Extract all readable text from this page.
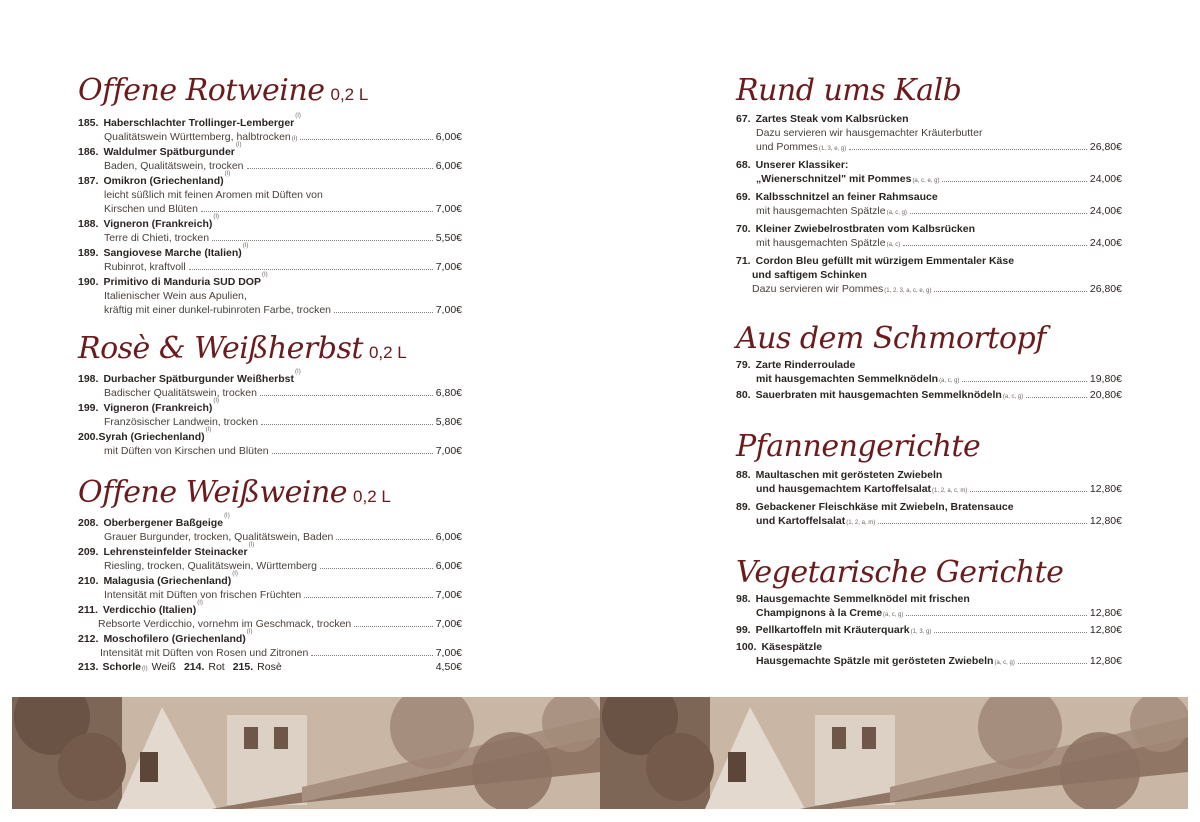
Offene Rotweine 0,2 L
185. Haberschlachter Trollinger-Lemberger
(I)
Qualitätswein Württemberg, halbtrocken (I)	6,00€
186. Waldulmer Spätburgunder
(I)
Baden, Qualitätswein, trocken	6,00€
187. Omikron (Griechenland)
(I)
leicht süßlich mit feinen Aromen mit Düften von
Kirschen und Blüten	7,00€
188. Vigneron (Frankreich)
(I)
Terre di Chieti, trocken	5,50€
189. Sangiovese Marche (Italien)
(I)
Rubinrot, kraftvoll	7,00€
190. Primitivo di Manduria SUD DOP
(I)
Italienischer Wein aus Apulien,
kräftig mit einer dunkel-rubinroten Farbe, trocken	7,00€
Rosè & Weißherbst 0,2 L
198. Durbacher Spätburgunder Weißherbst
(I)
Badischer Qualitätswein, trocken	6,80€
199. Vigneron (Frankreich)
(I)
Französischer Landwein, trocken	5,80€
200. Syrah (Griechenland)
(I)
mit Düften von Kirschen und Blüten	7,00€
Offene Weißweine 0,2 L
208. Oberbergener Baßgeige
(I)
Grauer Burgunder, trocken, Qualitätswein, Baden	6,00€
209. Lehrensteinfelder Steinacker
(I)
Riesling, trocken, Qualitätswein, Württemberg	6,00€
210. Malagusia (Griechenland)
(I)
Intensität mit Düften von frischen Früchten	7,00€
211. Verdicchio (Italien)
(I)
Rebsorte Verdicchio, vornehm im Geschmack, trocken	7,00€
212. Moschofilero (Griechenland)
(I)
Intensität mit Düften von Rosen und Zitronen	7,00€
213. Schorle (I) Weiß 214. Rot 215. Rosè	4,50€
Rund ums Kalb
67. Zartes Steak vom Kalbsrücken
Dazu servieren wir hausgemachter Kräuterbutter
und Pommes (1, 3, e, g)	26,80€
68. Unserer Klassiker:
„Wienerschnitzel" mit Pommes (a, c, e, g)	24,00€
69. Kalbsschnitzel an feiner Rahmsauce
mit hausgemachten Spätzle (a, c, g)	24,00€
70. Kleiner Zwiebelrostbraten vom Kalbsrücken
mit hausgemachten Spätzle (a, c)	24,00€
71. Cordon Bleu gefüllt mit würzigem Emmentaler Käse
und saftigem Schinken
Dazu servieren wir Pommes (1, 2, 3, a, c, e, g)	26,80€
Aus dem Schmortopf
79. Zarte Rinderroulade
mit hausgemachten Semmelknödeln (a, c, g)	19,80€
80. Sauerbraten mit hausgemachten Semmelknödeln (a, c, g)	20,80€
Pfannengerichte
88. Maultaschen mit gerösteten Zwiebeln
und hausgemachtem Kartoffelsalat (1, 2, a, c, m)	12,80€
89. Gebackener Fleischkäse mit Zwiebeln, Bratensauce
und Kartoffelsalat (1, 2, a, m)	12,80€
Vegetarische Gerichte
98. Hausgemachte Semmelknödel mit frischen
Champignons à la Creme (a, c, g)	12,80€
99. Pellkartoffeln mit Kräuterquark (1, 3, g)	12,80€
100. Käsespätzle
Hausgemachte Spätzle mit gerösteten Zwiebeln (a, c, g)	12,80€
